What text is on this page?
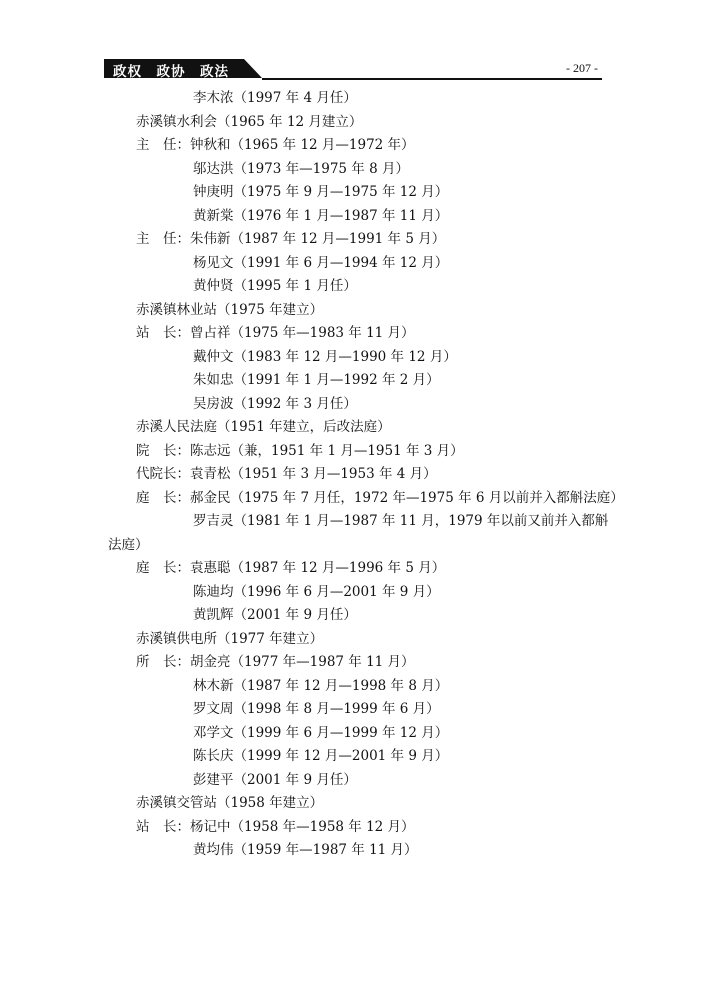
政权　政协　政法	- 207 -
李木浓（1997 年 4 月任）
赤溪镇水利会（1965 年 12 月建立）
主　任：钟秋和（1965 年 12 月—1972 年）
邬达洪（1973 年—1975 年 8 月）
钟庚明（1975 年 9 月—1975 年 12 月）
黄新棠（1976 年 1 月—1987 年 11 月）
主　任：朱伟新（1987 年 12 月—1991 年 5 月）
杨见文（1991 年 6 月—1994 年 12 月）
黄仲贤（1995 年 1 月任）
赤溪镇林业站（1975 年建立）
站　长：曾占祥（1975 年—1983 年 11 月）
戴仲文（1983 年 12 月—1990 年 12 月）
朱如忠（1991 年 1 月—1992 年 2 月）
吴房波（1992 年 3 月任）
赤溪人民法庭（1951 年建立，后改法庭）
院　长：陈志远（兼，1951 年 1 月—1951 年 3 月）
代院长：袁青松（1951 年 3 月—1953 年 4 月）
庭　长：郝金民（1975 年 7 月任，1972 年—1975 年 6 月以前并入都斛法庭）
罗吉灵（1981 年 1 月—1987 年 11 月，1979 年以前又前并入都斛
法庭）
庭　长：袁惠聪（1987 年 12 月—1996 年 5 月）
陈迪均（1996 年 6 月—2001 年 9 月）
黄凯辉（2001 年 9 月任）
赤溪镇供电所（1977 年建立）
所　长：胡金亮（1977 年—1987 年 11 月）
林木新（1987 年 12 月—1998 年 8 月）
罗文周（1998 年 8 月—1999 年 6 月）
邓学文（1999 年 6 月—1999 年 12 月）
陈长庆（1999 年 12 月—2001 年 9 月）
彭建平（2001 年 9 月任）
赤溪镇交管站（1958 年建立）
站　长：杨记中（1958 年—1958 年 12 月）
黄均伟（1959 年—1987 年 11 月）
